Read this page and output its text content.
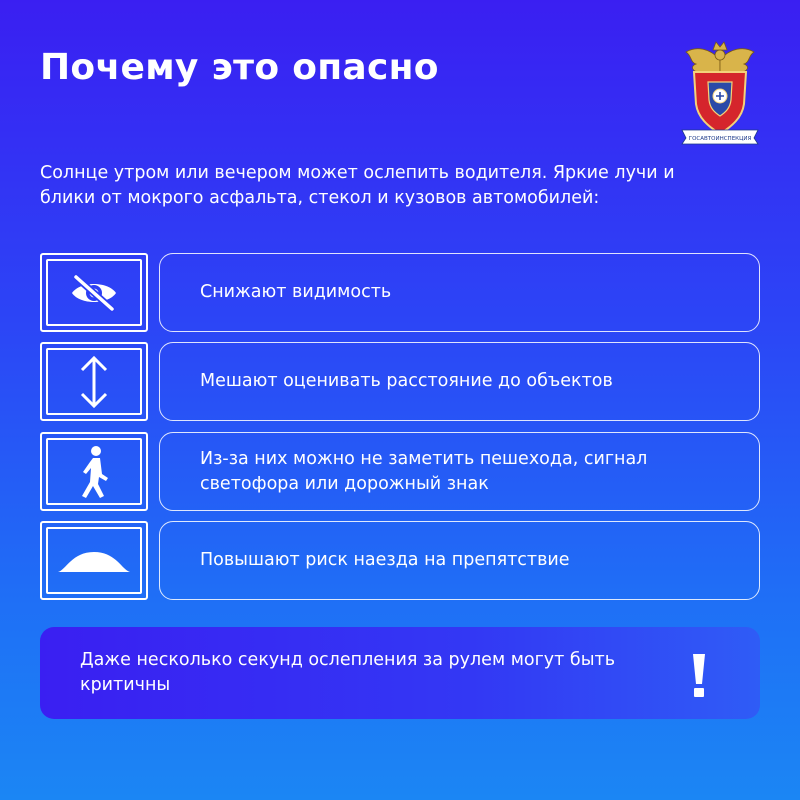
Почему это опасно
ГОСАВТОИНСПЕКЦИЯ

Солнце утром или вечером может ослепить водителя. Яркие лучи и блики от мокрого асфальта, стекол и кузовов автомобилей:

Снижают видимость
Мешают оценивать расстояние до объектов
Из-за них можно не заметить пешехода, сигнал светофора или дорожный знак
Повышают риск наезда на препятствие
Даже несколько секунд ослепления за рулем могут быть критичны
